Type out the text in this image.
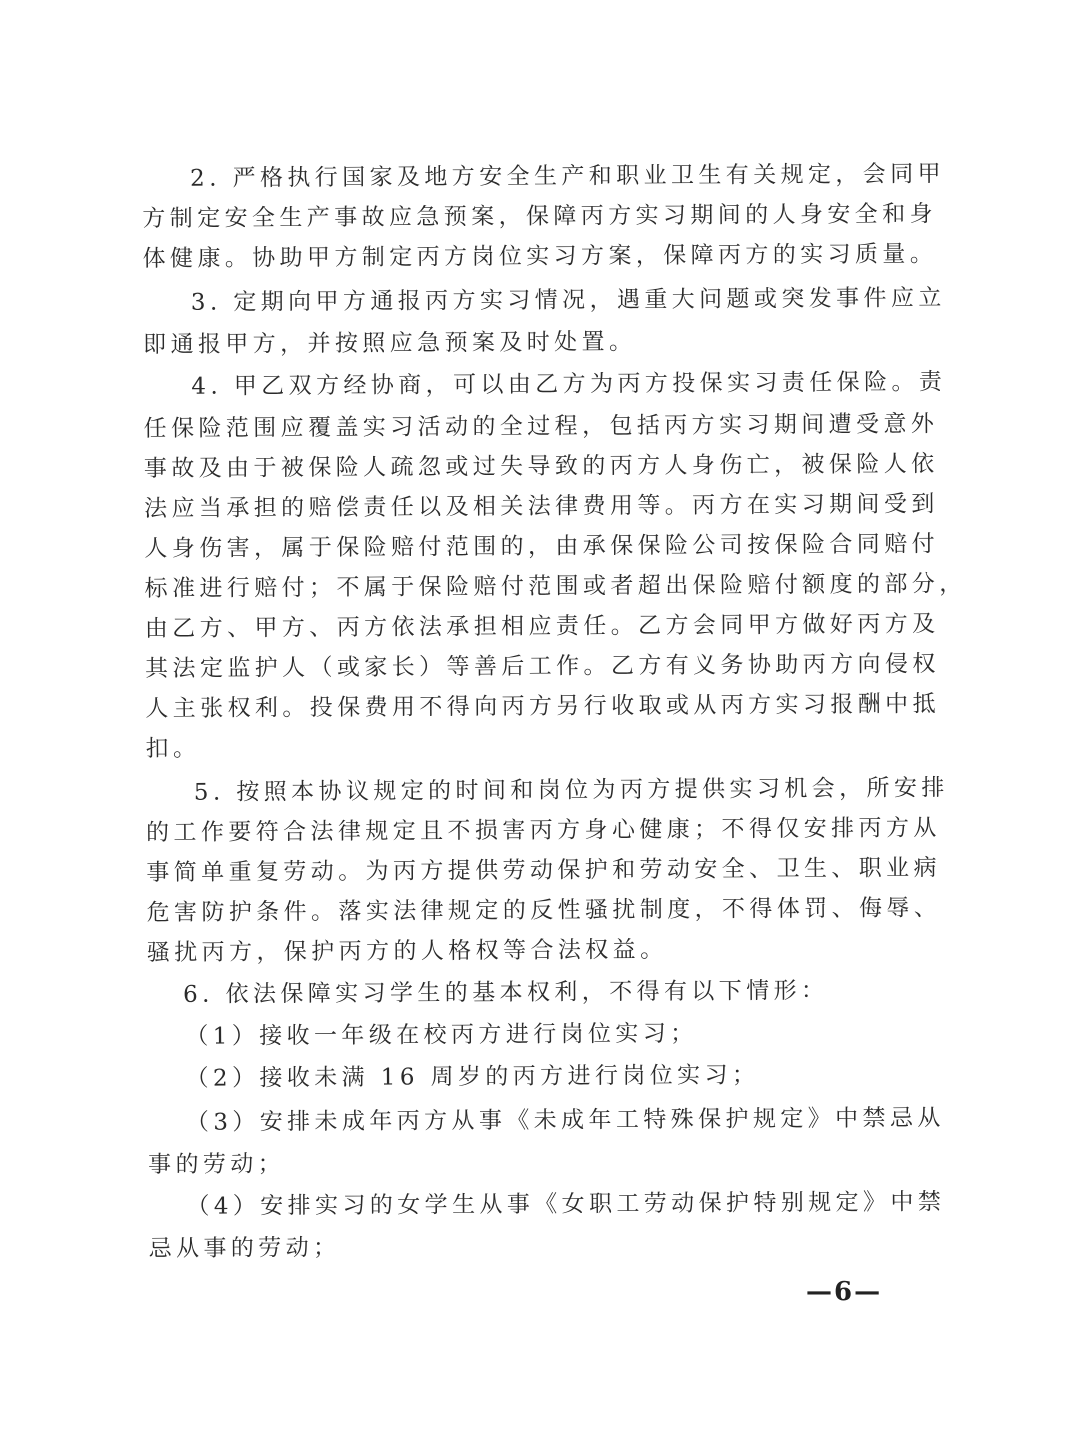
2. 严格执行国家及地方安全生产和职业卫生有关规定，会同甲
方制定安全生产事故应急预案，保障丙方实习期间的人身安全和身
体健康。协助甲方制定丙方岗位实习方案，保障丙方的实习质量。
3. 定期向甲方通报丙方实习情况，遇重大问题或突发事件应立
即通报甲方，并按照应急预案及时处置。
4. 甲乙双方经协商，可以由乙方为丙方投保实习责任保险。责
任保险范围应覆盖实习活动的全过程，包括丙方实习期间遭受意外
事故及由于被保险人疏忽或过失导致的丙方人身伤亡，被保险人依
法应当承担的赔偿责任以及相关法律费用等。丙方在实习期间受到
人身伤害，属于保险赔付范围的，由承保保险公司按保险合同赔付
标准进行赔付；不属于保险赔付范围或者超出保险赔付额度的部分，
由乙方、甲方、丙方依法承担相应责任。乙方会同甲方做好丙方及
其法定监护人（或家长）等善后工作。乙方有义务协助丙方向侵权
人主张权利。投保费用不得向丙方另行收取或从丙方实习报酬中抵
扣。
5. 按照本协议规定的时间和岗位为丙方提供实习机会，所安排
的工作要符合法律规定且不损害丙方身心健康；不得仅安排丙方从
事简单重复劳动。为丙方提供劳动保护和劳动安全、卫生、职业病
危害防护条件。落实法律规定的反性骚扰制度，不得体罚、侮辱、
骚扰丙方，保护丙方的人格权等合法权益。
6. 依法保障实习学生的基本权利，不得有以下情形：
（1）接收一年级在校丙方进行岗位实习；
（2）接收未满 16 周岁的丙方进行岗位实习；
（3）安排未成年丙方从事《未成年工特殊保护规定》中禁忌从
事的劳动；
（4）安排实习的女学生从事《女职工劳动保护特别规定》中禁
忌从事的劳动；
—6—
